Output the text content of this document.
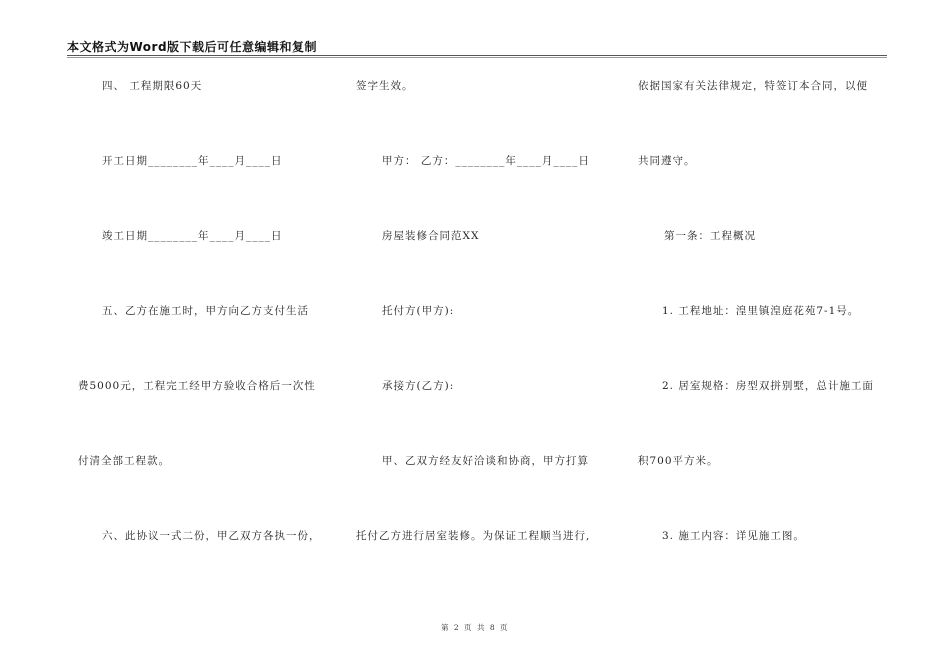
本文格式为Word版下载后可任意编辑和复制
四、 工程期限60天
开工日期________年____月____日
竣工日期________年____月____日
五、乙方在施工时，甲方向乙方支付生活
费5000元，工程完工经甲方验收合格后一次性
付清全部工程款。
六、此协议一式二份，甲乙双方各执一份，
签字生效。
甲方： 乙方：________年____月____日
房屋装修合同范XX
托付方(甲方):
承接方(乙方):
甲、乙双方经友好洽谈和协商，甲方打算
托付乙方进行居室装修。为保证工程顺当进行,
依据国家有关法律规定，特签订本合同，以便
共同遵守。
第一条：工程概况
1. 工程地址：湟里镇湟庭花苑7-1号。
2. 居室规格：房型双拼别墅，总计施工面
积700平方米。
3. 施工内容：详见施工图。
第 2 页 共 8 页
